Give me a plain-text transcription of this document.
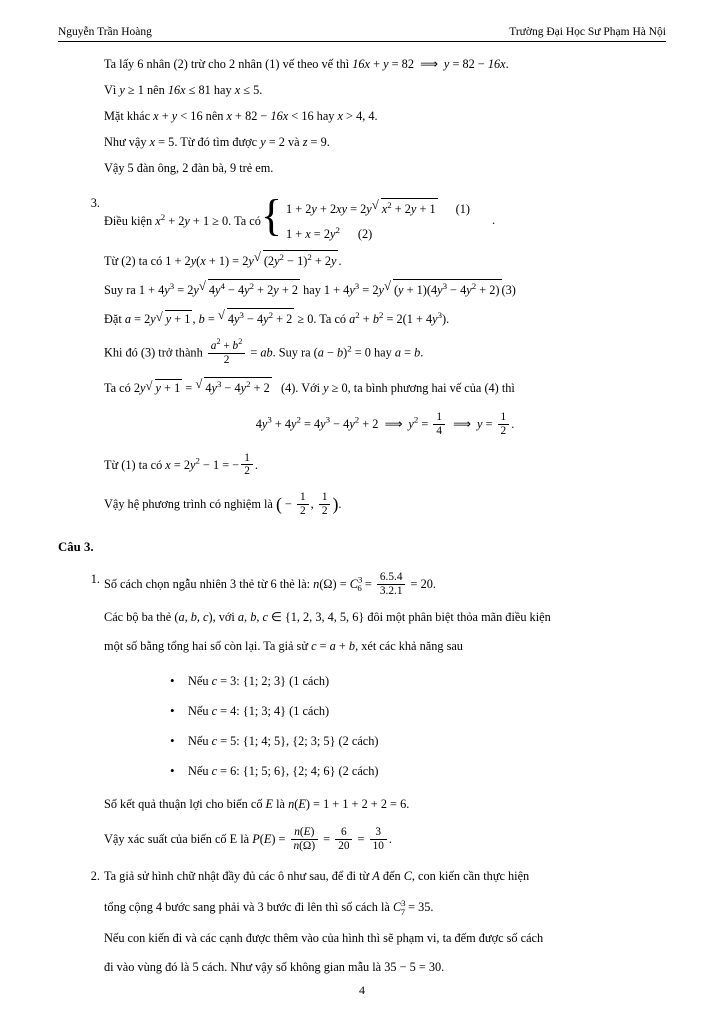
Nguyễn Trần Hoàng	Trường Đại Học Sư Phạm Hà Nội

Ta lấy 6 nhân (2) trừ cho 2 nhân (1) vế theo vế thì 16x + y = 82  ⟹  y = 82 − 16x.

Vì y ≥ 1 nên 16x ≤ 81 hay x ≤ 5.

Mặt khác x + y < 16 nên x + 82 − 16x < 16 hay x > 4, 4.

Như vậy x = 5. Từ đó tìm được y = 2 và z = 9.

Vậy 5 đàn ông, 2 đàn bà, 9 trẻ em.

3.
Điều kiện $x^2 + 2y + 1 \ge 0$. Ta có { 1 + 2y + 2xy = 2y √ $x^2 + 2y + 1$ (1)
$1 + x = 2y^2$ (2)
.

Từ (2) ta có 1 + 2y(x + 1) = 2y √ $(2y^2 - 1)^2 + 2y$ .

Suy ra $1 + 4y^3 = 2y$ √ $4y^4 - 4y^2 + 2y + 2$ hay $1 + 4y^3 = 2y$ √ $(y + 1)(4y^3 - 4y^2 + 2)$ (3)

Đặt a = 2y √ y + 1 , b = √ $4y^3 - 4y^2 + 2 \ge 0$. Ta có $a^2 + b^2 = 2(1 + 4y^3)$.

Khi đó (3) trở thành $\frac{a^2 + b^2}{2}$ = ab. Suy ra $(a - b)^2 = 0$ hay a = b.

Ta có 2y √ y + 1 = √ $4y^3 - 4y^2 + 2$   (4). Với y ≥ 0, ta bình phương hai vế của (4) thì

$4y^3 + 4y^2 = 4y^3 - 4y^2 + 2$  ⟹  $y^2 = \frac{1}{4}$ ⟹  $y = \frac{1}{2}$ .

Từ (1) ta có $x = 2y^2 - 1$ = − $\frac{1}{2}$ .

Vậy hệ phương trình có nghiệm là ( − $\frac{1}{2}$ , $\frac{1}{2}$ ).

Câu 3.
1. Số cách chọn ngẫu nhiên 3 thẻ từ 6 thẻ là: $n(\Omega) = C^3_6 = \frac{6.5.4}{3.2.1} = 20$.

Các bộ ba thẻ (a, b, c), với a, b, c ∈ {1, 2, 3, 4, 5, 6} đôi một phân biệt thỏa mãn điều kiện

một số bằng tổng hai số còn lại. Ta giả sử c = a + b, xét các khả năng sau

• Nếu c = 3: {1; 2; 3} (1 cách)
• Nếu c = 4: {1; 3; 4} (1 cách)
• Nếu c = 5: {1; 4; 5}, {2; 3; 5} (2 cách)
• Nếu c = 6: {1; 5; 6}, {2; 4; 6} (2 cách)

Số kết quả thuận lợi cho biến cố E là n(E) = 1 + 1 + 2 + 2 = 6.

Vậy xác suất của biến cố E là $P(E) = \frac{n(E)}{n(\Omega)} = \frac{6}{20} = \frac{3}{10}$ .

2. Ta giả sử hình chữ nhật đầy đủ các ô như sau, để đi từ A đến C, con kiến cần thực hiện

tổng cộng 4 bước sang phải và 3 bước đi lên thì số cách là $C^3_7 = 35$.

Nếu con kiến đi và các cạnh được thêm vào của hình thì sẽ phạm vi, ta đếm được số cách

đi vào vùng đó là 5 cách. Như vậy số không gian mẫu là 35 − 5 = 30.

4
